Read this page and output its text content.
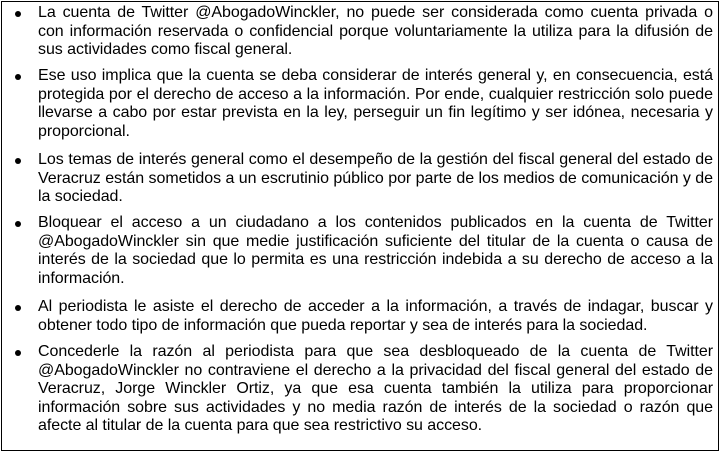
La cuenta de Twitter @AbogadoWinckler, no puede ser considerada como cuenta privada o con información reservada o confidencial porque voluntariamente la utiliza para la difusión de sus actividades como fiscal general.

Ese uso implica que la cuenta se deba considerar de interés general y, en consecuencia, está protegida por el derecho de acceso a la información. Por ende, cualquier restricción solo puede llevarse a cabo por estar prevista en la ley, perseguir un fin legítimo y ser idónea, necesaria y proporcional.

Los temas de interés general como el desempeño de la gestión del fiscal general del estado de Veracruz están sometidos a un escrutinio público por parte de los medios de comunicación y de la sociedad.

Bloquear el acceso a un ciudadano a los contenidos publicados en la cuenta de Twitter @AbogadoWinckler sin que medie justificación suficiente del titular de la cuenta o causa de interés de la sociedad que lo permita es una restricción indebida a su derecho de acceso a la información.

Al periodista le asiste el derecho de acceder a la información, a través de indagar, buscar y obtener todo tipo de información que pueda reportar y sea de interés para la sociedad.

Concederle la razón al periodista para que sea desbloqueado de la cuenta de Twitter @AbogadoWinckler no contraviene el derecho a la privacidad del fiscal general del estado de Veracruz, Jorge Winckler Ortiz, ya que esa cuenta también la utiliza para proporcionar información sobre sus actividades y no media razón de interés de la sociedad o razón que afecte al titular de la cuenta para que sea restrictivo su acceso.
